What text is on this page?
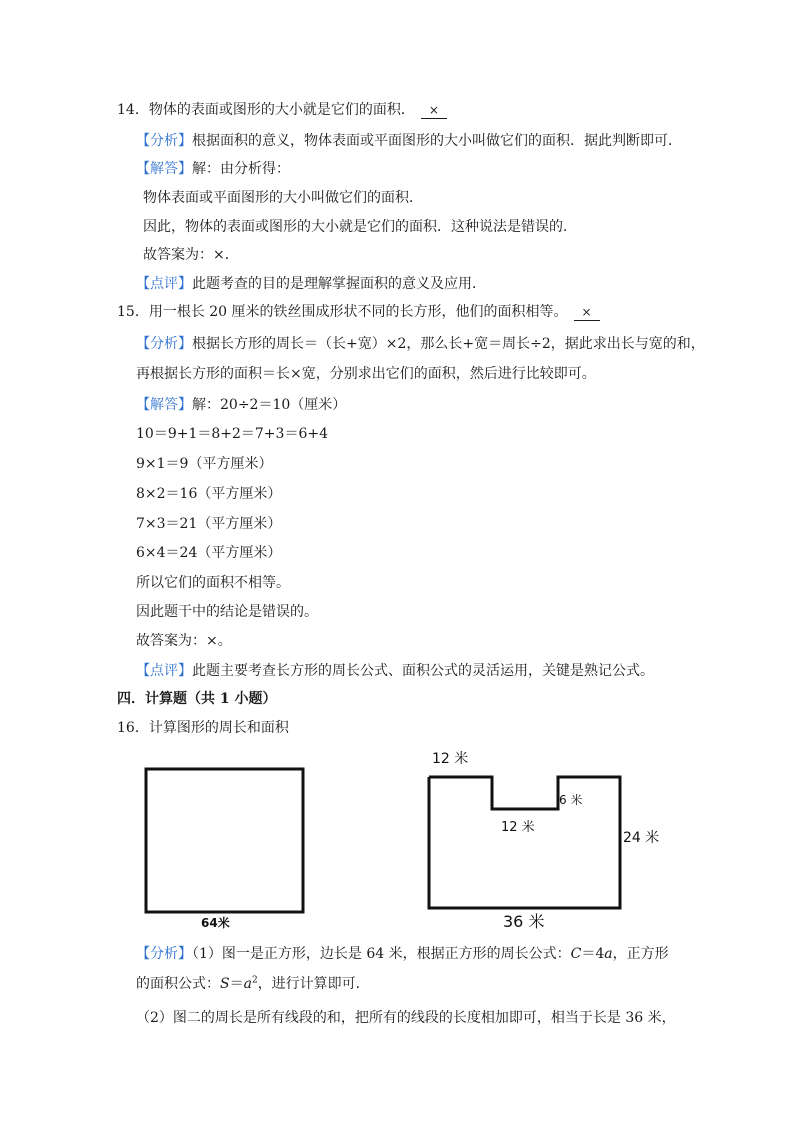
14．物体的表面或图形的大小就是它们的面积． ×
【分析】根据面积的意义，物体表面或平面图形的大小叫做它们的面积．据此判断即可．
【解答】解：由分析得：
物体表面或平面图形的大小叫做它们的面积．
因此，物体的表面或图形的大小就是它们的面积．这种说法是错误的．
故答案为：×．
【点评】此题考查的目的是理解掌握面积的意义及应用．
15．用一根长 20 厘米的铁丝围成形状不同的长方形，他们的面积相等。 ×
【分析】根据长方形的周长＝（长+宽）×2，那么长+宽＝周长÷2，据此求出长与宽的和，
再根据长方形的面积＝长×宽，分别求出它们的面积，然后进行比较即可。
【解答】解：20÷2＝10（厘米）
10＝9+1＝8+2＝7+3＝6+4
9×1＝9（平方厘米）
8×2＝16（平方厘米）
7×3＝21（平方厘米）
6×4＝24（平方厘米）
所以它们的面积不相等。
因此题干中的结论是错误的。
故答案为：×。
【点评】此题主要考查长方形的周长公式、面积公式的灵活运用，关键是熟记公式。
四．计算题（共 1 小题）
16．计算图形的周长和面积
64米
12 米
6 米
12 米
24 米
36 米
【分析】（1）图一是正方形，边长是 64 米，根据正方形的周长公式：C＝4a，正方形
的面积公式：$S=a^2$，进行计算即可．
（2）图二的周长是所有线段的和，把所有的线段的长度相加即可，相当于长是 36 米，
